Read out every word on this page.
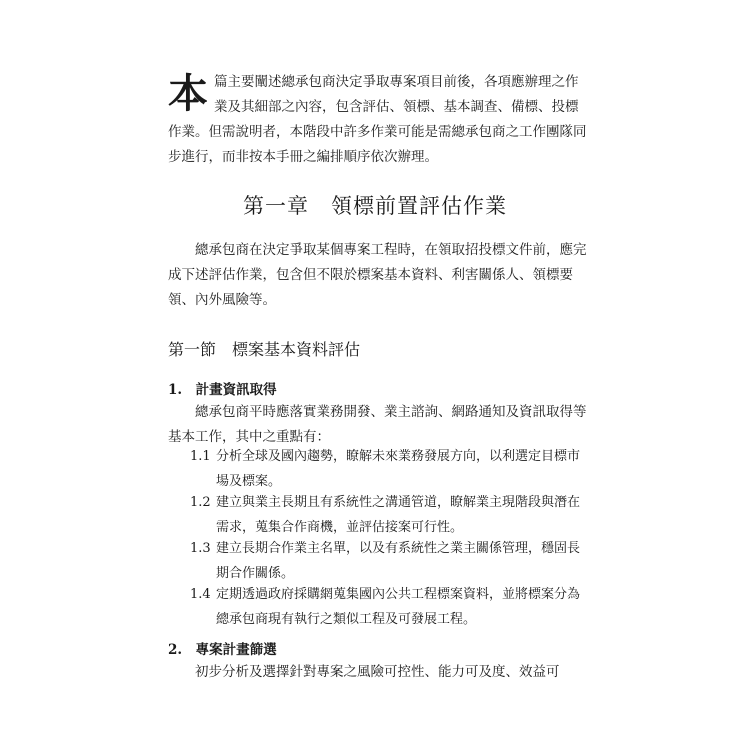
本 篇主要闡述總承包商決定爭取專案項目前後，各項應辦理之作業及其細部之內容，包含評估、領標、基本調查、備標、投標作業。但需說明者，本階段中許多作業可能是需總承包商之工作團隊同步進行，而非按本手冊之編排順序依次辦理。
第一章　領標前置評估作業
總承包商在決定爭取某個專案工程時，在領取招投標文件前，應完成下述評估作業，包含但不限於標案基本資料、利害關係人、領標要領、內外風險等。
第一節　標案基本資料評估
1.　計畫資訊取得
總承包商平時應落實業務開發、業主諮詢、網路通知及資訊取得等基本工作，其中之重點有：
1.1 分析全球及國內趨勢，瞭解未來業務發展方向，以利選定目標市場及標案。
1.2 建立與業主長期且有系統性之溝通管道，瞭解業主現階段與潛在需求，蒐集合作商機，並評估接案可行性。
1.3 建立長期合作業主名單，以及有系統性之業主關係管理，穩固長期合作關係。
1.4 定期透過政府採購網蒐集國內公共工程標案資料，並將標案分為總承包商現有執行之類似工程及可發展工程。
2.　專案計畫篩選
初步分析及選擇針對專案之風險可控性、能力可及度、效益可
